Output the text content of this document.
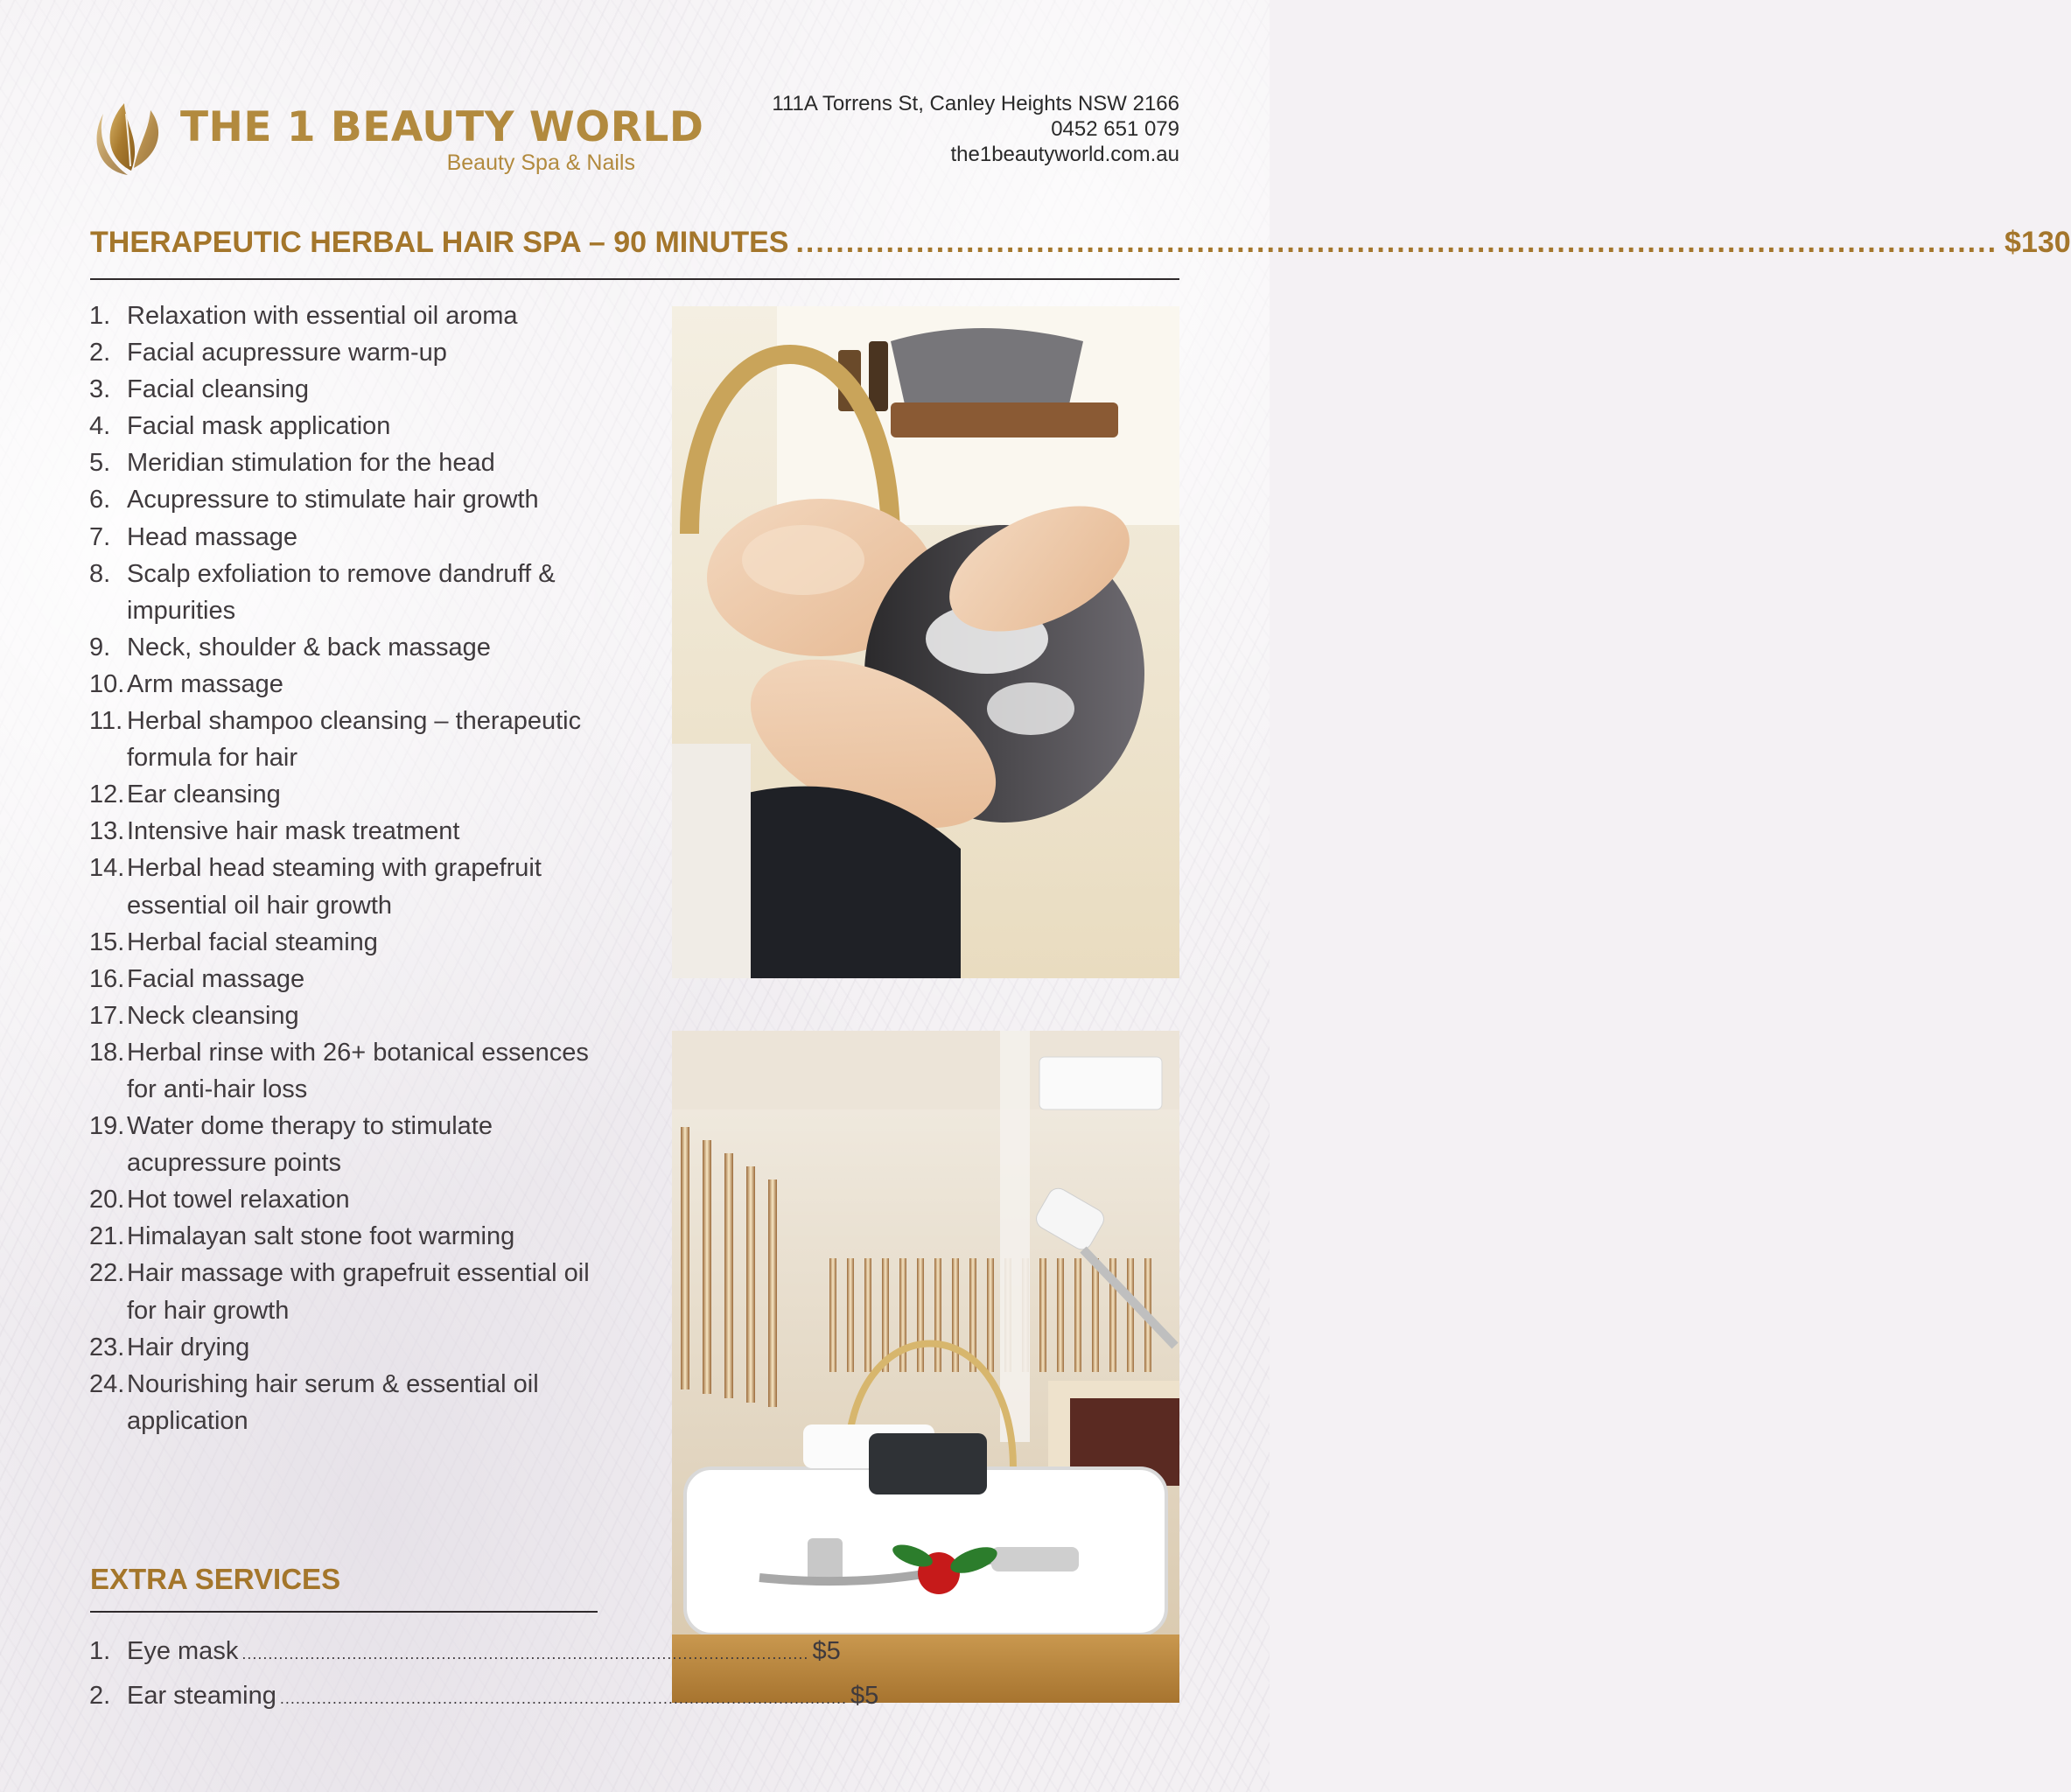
THE 1 BEAUTY WORLD
Beauty Spa & Nails
111A Torrens St, Canley Heights NSW 2166
0452 651 079
the1beautyworld.com.au
THERAPEUTIC HERBAL HAIR SPA – 90 MINUTES ........................................................................................................................ $130
1. Relaxation with essential oil aroma
2. Facial acupressure warm-up
3. Facial cleansing
4. Facial mask application
5. Meridian stimulation for the head
6. Acupressure to stimulate hair growth
7. Head massage
8. Scalp exfoliation to remove dandruff & impurities
9. Neck, shoulder & back massage
10. Arm massage
11. Herbal shampoo cleansing – therapeutic formula for hair
12. Ear cleansing
13. Intensive hair mask treatment
14. Herbal head steaming with grapefruit essential oil hair growth
15. Herbal facial steaming
16. Facial massage
17. Neck cleansing
18. Herbal rinse with 26+ botanical essences for anti-hair loss
19. Water dome therapy to stimulate acupressure points
20. Hot towel relaxation
21. Himalayan salt stone foot warming
22. Hair massage with grapefruit essential oil for hair growth
23. Hair drying
24. Nourishing hair serum & essential oil application
EXTRA SERVICES
1. Eye mask ............................................................................................................ $5
2. Ear steaming ............................................................................................................ $5
